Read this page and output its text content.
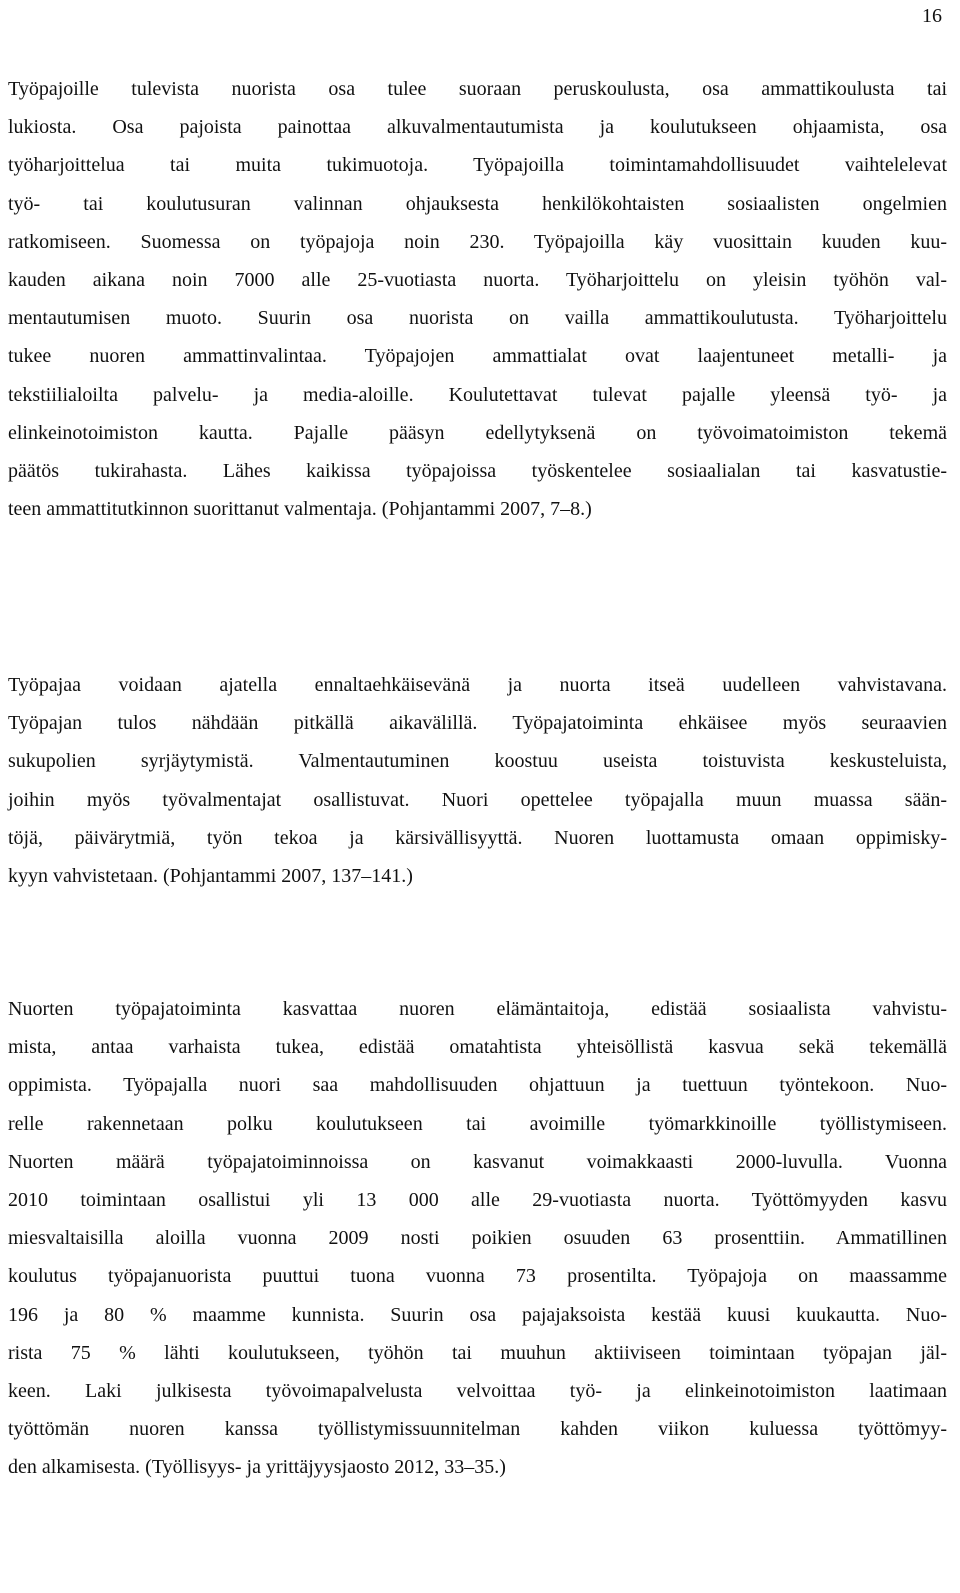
16

Työpajoille tulevista nuorista osa tulee suoraan peruskoulusta, osa ammattikoulusta tai
lukiosta. Osa pajoista painottaa alkuvalmentautumista ja koulutukseen ohjaamista, osa
työharjoittelua tai muita tukimuotoja. Työpajoilla toimintamahdollisuudet vaihtelelevat
työ- tai koulutusuran valinnan ohjauksesta henkilökohtaisten sosiaalisten ongelmien
ratkomiseen. Suomessa on työpajoja noin 230. Työpajoilla käy vuosittain kuuden kuu-
kauden aikana noin 7000 alle 25-vuotiasta nuorta. Työharjoittelu on yleisin työhön val-
mentautumisen muoto. Suurin osa nuorista on vailla ammattikoulutusta. Työharjoittelu
tukee nuoren ammattinvalintaa. Työpajojen ammattialat ovat laajentuneet metalli- ja
tekstiilialoilta palvelu- ja media-aloille. Koulutettavat tulevat pajalle yleensä työ- ja
elinkeinotoimiston kautta. Pajalle pääsyn edellytyksenä on työvoimatoimiston tekemä
päätös tukirahasta. Lähes kaikissa työpajoissa työskentelee sosiaalialan tai kasvatustie-
teen ammattitutkinnon suorittanut valmentaja. (Pohjantammi 2007, 7–8.)

Työpajaa voidaan ajatella ennaltaehkäisevänä ja nuorta itseä uudelleen vahvistavana.
Työpajan tulos nähdään pitkällä aikavälillä. Työpajatoiminta ehkäisee myös seuraavien
sukupolien syrjäytymistä. Valmentautuminen koostuu useista toistuvista keskusteluista,
joihin myös työvalmentajat osallistuvat. Nuori opettelee työpajalla muun muassa sään-
töjä, päivärytmiä, työn tekoa ja kärsivällisyyttä. Nuoren luottamusta omaan oppimisky-
kyyn vahvistetaan. (Pohjantammi 2007, 137–141.)

Nuorten työpajatoiminta kasvattaa nuoren elämäntaitoja, edistää sosiaalista vahvistu-
mista, antaa varhaista tukea, edistää omatahtista yhteisöllistä kasvua sekä tekemällä
oppimista. Työpajalla nuori saa mahdollisuuden ohjattuun ja tuettuun työntekoon. Nuo-
relle rakennetaan polku koulutukseen tai avoimille työmarkkinoille työllistymiseen.
Nuorten määrä työpajatoiminnoissa on kasvanut voimakkaasti 2000-luvulla. Vuonna
2010 toimintaan osallistui yli 13 000 alle 29-vuotiasta nuorta. Työttömyyden kasvu
miesvaltaisilla aloilla vuonna 2009 nosti poikien osuuden 63 prosenttiin. Ammatillinen
koulutus työpajanuorista puuttui tuona vuonna 73 prosentilta. Työpajoja on maassamme
196 ja 80 % maamme kunnista. Suurin osa pajajaksoista kestää kuusi kuukautta. Nuo-
rista 75 % lähti koulutukseen, työhön tai muuhun aktiiviseen toimintaan työpajan jäl-
keen. Laki julkisesta työvoimapalvelusta velvoittaa työ- ja elinkeinotoimiston laatimaan
työttömän nuoren kanssa työllistymissuunnitelman kahden viikon kuluessa työttömyy-
den alkamisesta. (Työllisyys- ja yrittäjyysjaosto 2012, 33–35.)
